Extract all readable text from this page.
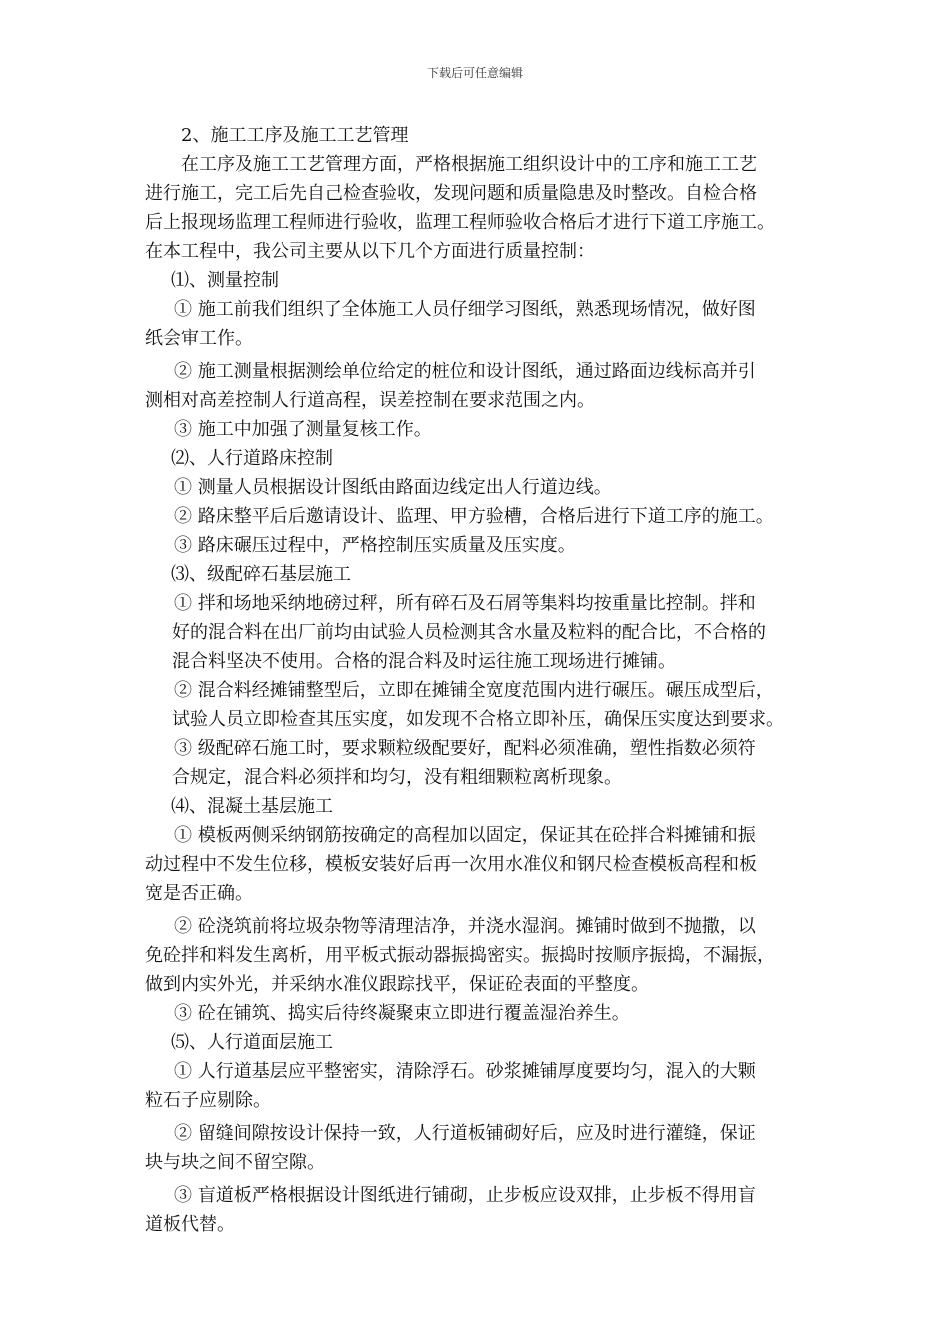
下载后可任意编辑
2、施工工序及施工工艺管理
在工序及施工工艺管理方面，严格根据施工组织设计中的工序和施工工艺
进行施工，完工后先自己检查验收，发现问题和质量隐患及时整改。自检合格
后上报现场监理工程师进行验收，监理工程师验收合格后才进行下道工序施工。
在本工程中，我公司主要从以下几个方面进行质量控制：
⑴、测量控制
① 施工前我们组织了全体施工人员仔细学习图纸，熟悉现场情况，做好图
纸会审工作。
② 施工测量根据测绘单位给定的桩位和设计图纸，通过路面边线标高并引
测相对高差控制人行道高程，误差控制在要求范围之内。
③ 施工中加强了测量复核工作。
⑵、人行道路床控制
① 测量人员根据设计图纸由路面边线定出人行道边线。
② 路床整平后后邀请设计、监理、甲方验槽，合格后进行下道工序的施工。
③ 路床碾压过程中，严格控制压实质量及压实度。
⑶、级配碎石基层施工
① 拌和场地采纳地磅过秤，所有碎石及石屑等集料均按重量比控制。拌和
好的混合料在出厂前均由试验人员检测其含水量及粒料的配合比，不合格的
混合料坚决不使用。合格的混合料及时运往施工现场进行摊铺。
② 混合料经摊铺整型后，立即在摊铺全宽度范围内进行碾压。碾压成型后，
试验人员立即检查其压实度，如发现不合格立即补压，确保压实度达到要求。
③ 级配碎石施工时，要求颗粒级配要好，配料必须准确，塑性指数必须符
合规定，混合料必须拌和均匀，没有粗细颗粒离析现象。
⑷、混凝土基层施工
① 模板两侧采纳钢筋按确定的高程加以固定，保证其在砼拌合料摊铺和振
动过程中不发生位移，模板安装好后再一次用水准仪和钢尺检查模板高程和板
宽是否正确。
② 砼浇筑前将垃圾杂物等清理洁净，并浇水湿润。摊铺时做到不抛撒，以
免砼拌和料发生离析，用平板式振动器振捣密实。振捣时按顺序振捣，不漏振，
做到内实外光，并采纳水准仪跟踪找平，保证砼表面的平整度。
③ 砼在铺筑、捣实后待终凝聚束立即进行覆盖湿治养生。
⑸、人行道面层施工
① 人行道基层应平整密实，清除浮石。砂浆摊铺厚度要均匀，混入的大颗
粒石子应剔除。
② 留缝间隙按设计保持一致，人行道板铺砌好后，应及时进行灌缝，保证
块与块之间不留空隙。
③ 盲道板严格根据设计图纸进行铺砌，止步板应设双排，止步板不得用盲
道板代替。
